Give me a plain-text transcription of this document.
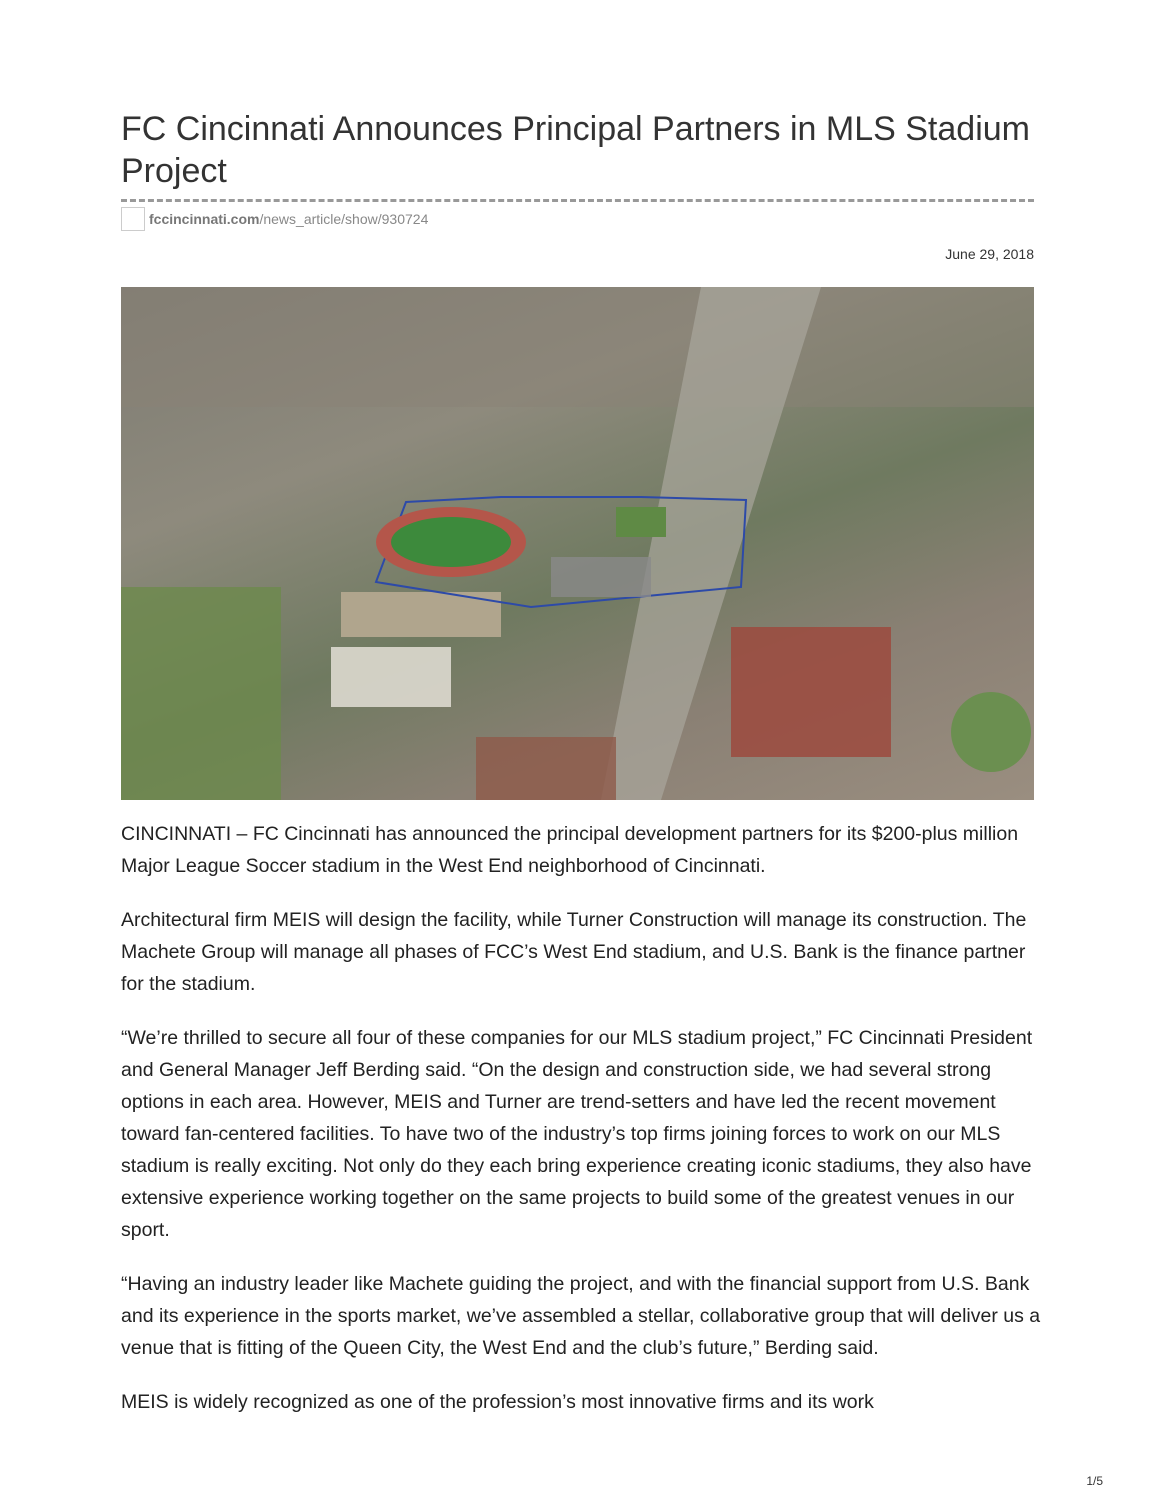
FC Cincinnati Announces Principal Partners in MLS Stadium Project
fccincinnati.com /news_article/show/930724
June 29, 2018

CINCINNATI – FC Cincinnati has announced the principal development partners for its $200-plus million Major League Soccer stadium in the West End neighborhood of Cincinnati.

Architectural firm MEIS will design the facility, while Turner Construction will manage its construction. The Machete Group will manage all phases of FCC’s West End stadium, and U.S. Bank is the finance partner for the stadium.

“We’re thrilled to secure all four of these companies for our MLS stadium project,” FC Cincinnati President and General Manager Jeff Berding said. “On the design and construction side, we had several strong options in each area. However, MEIS and Turner are trend-setters and have led the recent movement toward fan-centered facilities. To have two of the industry’s top firms joining forces to work on our MLS stadium is really exciting. Not only do they each bring experience creating iconic stadiums, they also have extensive experience working together on the same projects to build some of the greatest venues in our sport.

“Having an industry leader like Machete guiding the project, and with the financial support from U.S. Bank and its experience in the sports market, we’ve assembled a stellar, collaborative group that will deliver us a venue that is fitting of the Queen City, the West End and the club’s future,” Berding said.

MEIS is widely recognized as one of the profession’s most innovative firms and its work

1/5
